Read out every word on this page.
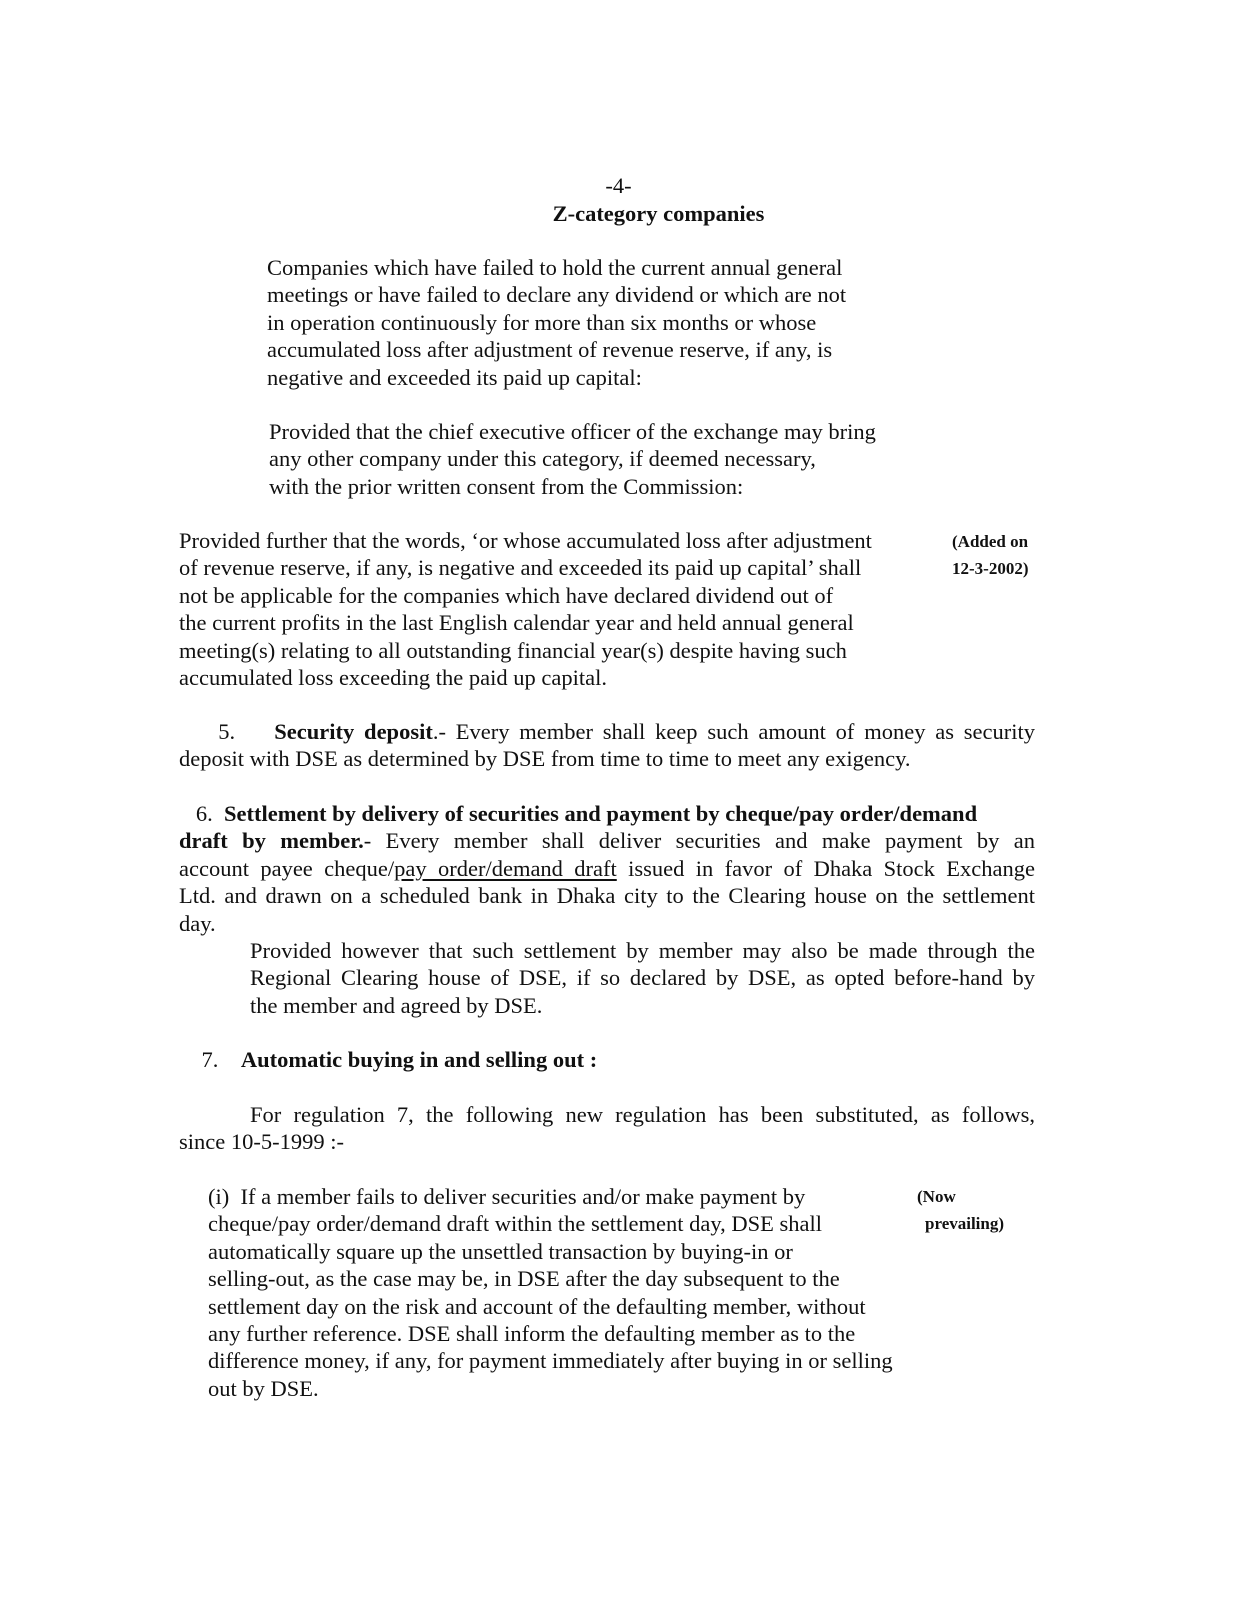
-4-
Z-category companies
Companies which have failed to hold the current annual general
meetings or have failed to declare any dividend or which are not
in operation continuously for more than six months or whose
accumulated loss after adjustment of revenue reserve, if any, is
negative and exceeded its paid up capital:
Provided that the chief executive officer of the exchange may bring
any other company under this category, if deemed necessary,
with the prior written consent from the Commission:
Provided further that the words, ‘or whose accumulated loss after adjustment
of revenue reserve, if any, is negative and exceeded its paid up capital’ shall
not be applicable for the companies which have declared dividend out of
the current profits in the last English calendar year and held annual general
meeting(s) relating to all outstanding financial year(s) despite having such
accumulated loss exceeding the paid up capital.
(Added on
12-3-2002)
5. Security deposit.- Every member shall keep such amount of money as security
deposit with DSE as determined by DSE from time to time to meet any exigency.
6. Settlement by delivery of securities and payment by cheque/pay order/demand
draft by member.- Every member shall deliver securities and make payment by an
account payee cheque/pay order/demand draft issued in favor of Dhaka Stock Exchange
Ltd. and drawn on a scheduled bank in Dhaka city to the Clearing house on the settlement
day.
Provided however that such settlement by member may also be made through the
Regional Clearing house of DSE, if so declared by DSE, as opted before-hand by
the member and agreed by DSE.
7. Automatic buying in and selling out :
For regulation 7, the following new regulation has been substituted, as follows,
since 10-5-1999 :-
(i)  If a member fails to deliver securities and/or make payment by
cheque/pay order/demand draft within the settlement day, DSE shall
automatically square up the unsettled transaction by buying-in or
selling-out, as the case may be, in DSE after the day subsequent to the
settlement day on the risk and account of the defaulting member, without
any further reference. DSE shall inform the defaulting member as to the
difference money, if any, for payment immediately after buying in or selling
out by DSE.
(Now
prevailing)
